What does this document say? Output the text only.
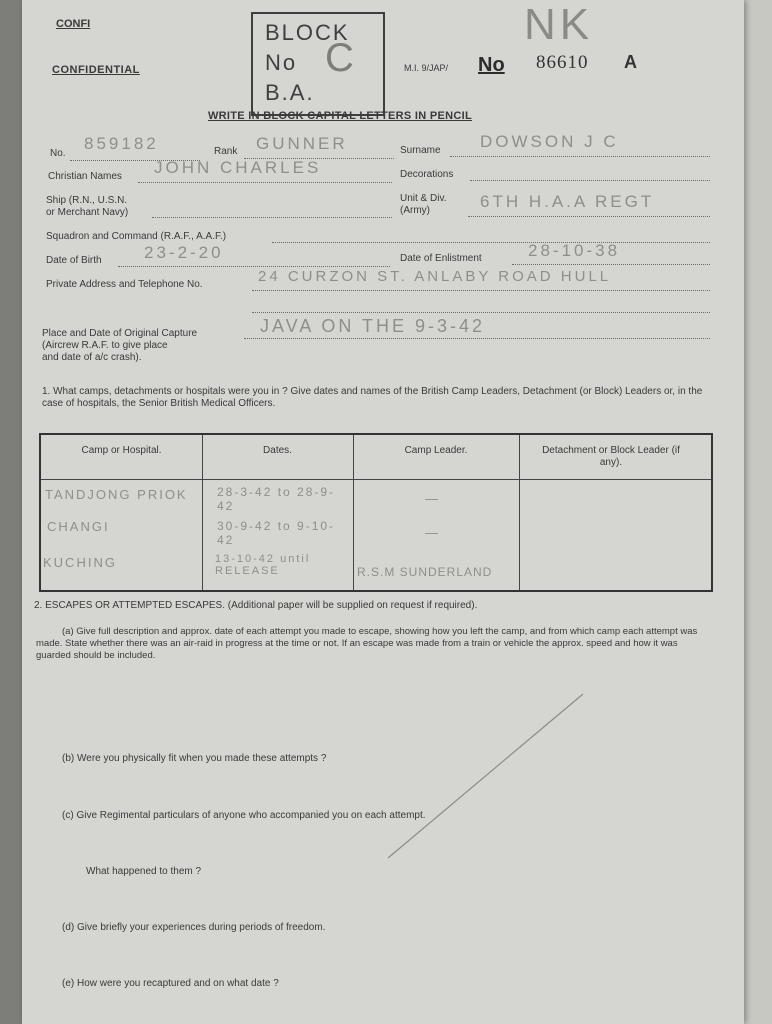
CONFI
CONFIDENTIAL
BLOCK
No
B.A.
C	M.I. 9/JAP/ No 86610 A
NK
WRITE IN BLOCK CAPITAL LETTERS IN PENCIL
No.
859182	Rank GUNNER	Surname DOWSON J C
Christian Names JOHN CHARLES	Decorations
Ship (R.N., U.S.N.
or Merchant Navy)
Unit & Div.
(Army)	6TH H.A.A REGT
Squadron and Command (R.A.F., A.A.F.)
Date of Birth 23-2-20	Date of Enlistment	28-10-38
Private Address and Telephone No.	24 CURZON ST. ANLABY ROAD HULL
Place and Date of Original Capture
(Aircrew R.A.F. to give place
and date of a/c crash).
JAVA ON THE 9-3-42
1. What camps, detachments or hospitals were you in ? Give dates and names of the British Camp Leaders, Detachment (or Block) Leaders or, in the case of hospitals, the Senior British Medical Officers.
Camp or Hospital.	Dates.	Camp Leader.	Detachment or Block Leader (if any).
TANDJONG PRIOK 28-3-42 to 28-9-42	—
CHANGI	30-9-42 to 9-10-42	—
KUCHING	13-10-42 until RELEASE	R.S.M SUNDERLAND
2. ESCAPES OR ATTEMPTED ESCAPES. (Additional paper will be supplied on request if required).
(a) Give full description and approx. date of each attempt you made to escape, showing how you left the camp, and from which camp each attempt was made. State whether there was an air-raid in progress at the time or not. If an escape was made from a train or vehicle the approx. speed and how it was guarded should be included.
(b) Were you physically fit when you made these attempts ?
(c) Give Regimental particulars of anyone who accompanied you on each attempt.
What happened to them ?
(d) Give briefly your experiences during periods of freedom.
(e) How were you recaptured and on what date ?
